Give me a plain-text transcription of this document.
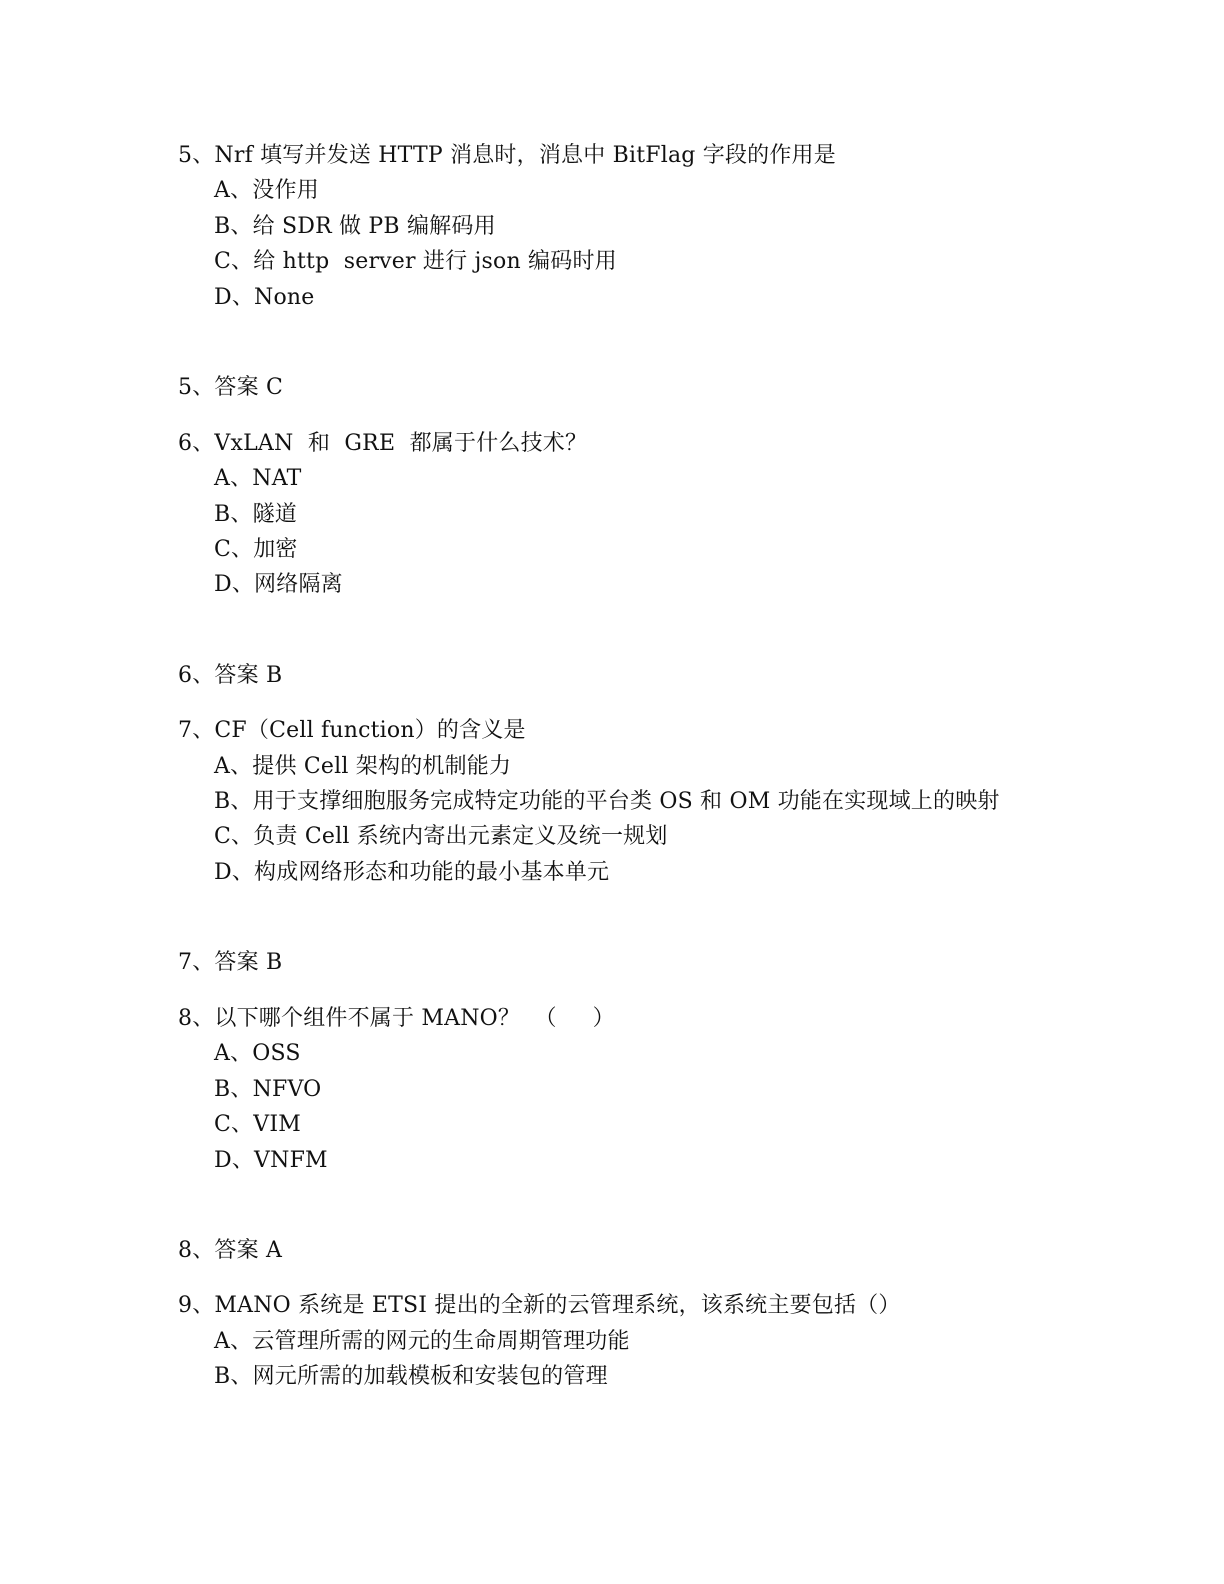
5、Nrf 填写并发送 HTTP 消息时，消息中 BitFlag 字段的作用是
A、没作用
B、给 SDR 做 PB 编解码用
C、给 http  server 进行 json 编码时用
D、None
5、答案 C
6、VxLAN  和  GRE  都属于什么技术？
A、NAT
B、隧道
C、加密
D、网络隔离
6、答案 B
7、CF（Cell function）的含义是
A、提供 Cell 架构的机制能力
B、用于支撑细胞服务完成特定功能的平台类 OS 和 OM 功能在实现域上的映射
C、负责 Cell 系统内寄出元素定义及统一规划
D、构成网络形态和功能的最小基本单元
7、答案 B
8、以下哪个组件不属于 MANO？  （     ）
A、OSS
B、NFVO
C、VIM
D、VNFM
8、答案 A
9、MANO 系统是 ETSI 提出的全新的云管理系统，该系统主要包括（）
A、云管理所需的网元的生命周期管理功能
B、网元所需的加载模板和安装包的管理
